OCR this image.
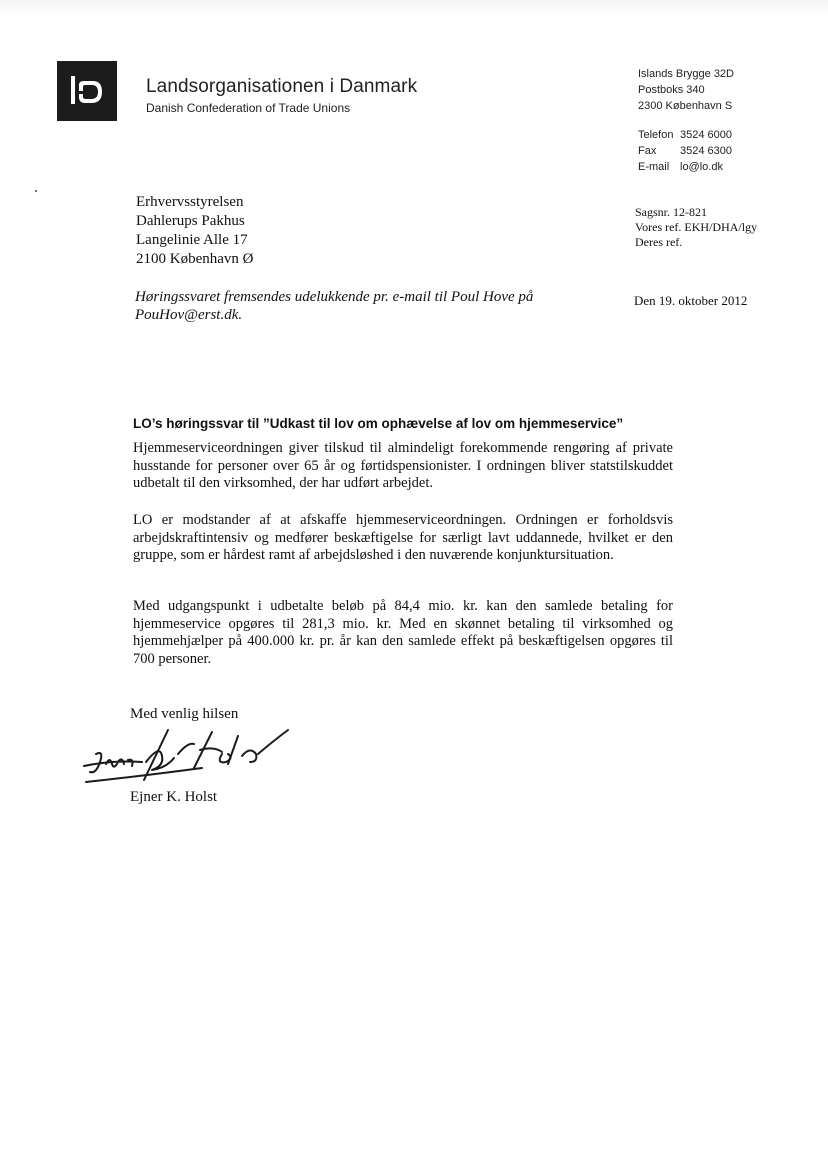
Landsorganisationen i Danmark
Danish Confederation of Trade Unions
Islands Brygge 32D
Postboks 340
2300 København S
Telefon 3524 6000
Fax	3524 6300
E-mail lo@lo.dk
Erhvervsstyrelsen
Dahlerups Pakhus
Langelinie Alle 17
2100 København Ø
Sagsnr. 12-821
Vores ref. EKH/DHA/lgy
Deres ref.
Høringssvaret fremsendes udelukkende pr. e-mail til Poul Hove på PouHov@erst.dk.
Den 19. oktober 2012
LO’s høringssvar til ”Udkast til lov om ophævelse af lov om hjemmeservice”
Hjemmeserviceordningen giver tilskud til almindeligt forekommende rengøring af private husstande for personer over 65 år og førtidspensionister. I ordningen bliver statstilskuddet udbetalt til den virksomhed, der har udført arbejdet.
LO er modstander af at afskaffe hjemmeserviceordningen. Ordningen er forholdsvis arbejdskraftintensiv og medfører beskæftigelse for særligt lavt uddannede, hvilket er den gruppe, som er hårdest ramt af arbejdsløshed i den nuværende konjunktursituation.
Med udgangspunkt i udbetalte beløb på 84,4 mio. kr. kan den samlede betaling for hjemmeservice opgøres til 281,3 mio. kr. Med en skønnet betaling til virksomhed og hjemmehjælper på 400.000 kr. pr. år kan den samlede effekt på beskæftigelsen opgøres til 700 personer.
Med venlig hilsen
Ejner K. Holst
